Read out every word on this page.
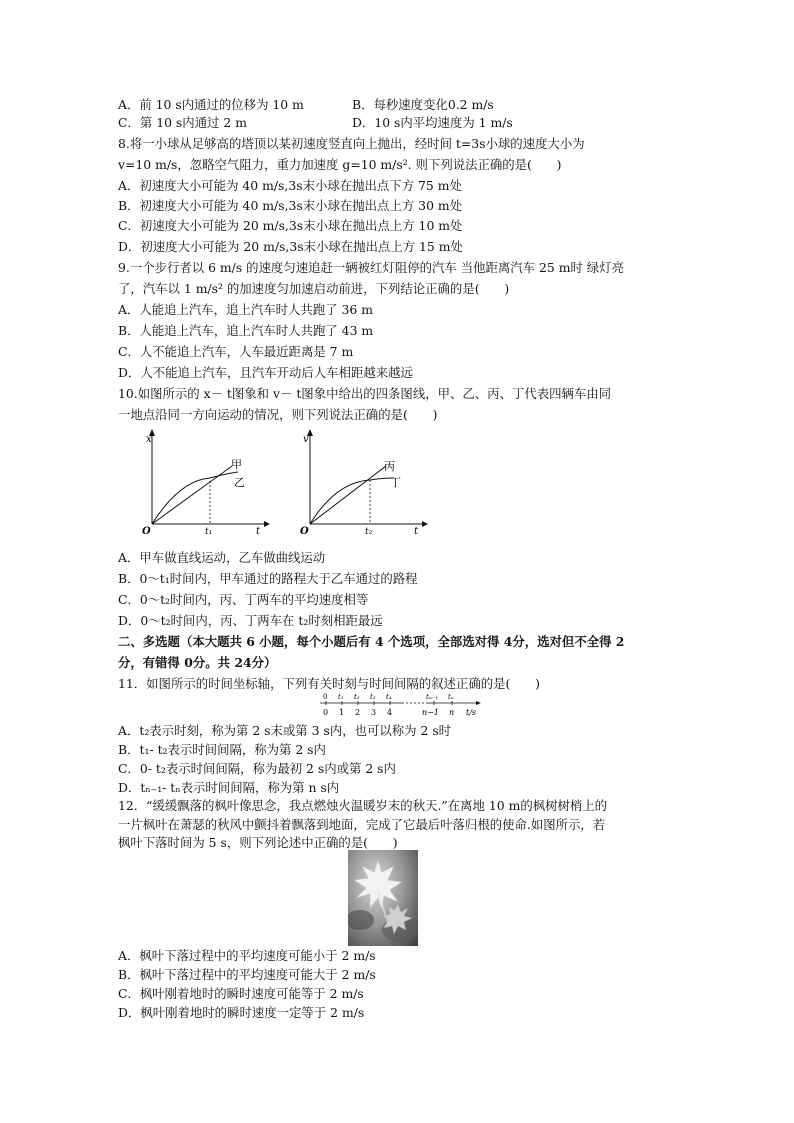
A．前 10 s内通过的位移为 10 m	B．每秒速度变化0.2 m/s
C．第 10 s内通过 2 m	D．10 s内平均速度为 1 m/s
8.将一小球从足够高的塔顶以某初速度竖直向上抛出，经时间 t=3s小球的速度大小为
v=10 m/s，忽略空气阻力，重力加速度 g=10 m/s². 则下列说法正确的是(　　)
A．初速度大小可能为 40 m/s,3s末小球在抛出点下方 75 m处
B．初速度大小可能为 40 m/s,3s末小球在抛出点上方 30 m处
C．初速度大小可能为 20 m/s,3s末小球在抛出点上方 10 m处
D．初速度大小可能为 20 m/s,3s末小球在抛出点上方 15 m处
9.一个步行者以 6 m/s 的速度匀速追赶一辆被红灯阻停的汽车 当他距离汽车 25 m时 绿灯亮
了，汽车以 1 m/s² 的加速度匀加速启动前进，下列结论正确的是(　　)
A．人能追上汽车，追上汽车时人共跑了 36 m
B．人能追上汽车，追上汽车时人共跑了 43 m
C．人不能追上汽车，人车最近距离是 7 m
D．人不能追上汽车，且汽车开动后人车相距越来越远
10.如图所示的 x－ t图象和 v－ t图象中给出的四条图线，甲、乙、丙、丁代表四辆车由同
一地点沿同一方向运动的情况，则下列说法正确的是(　　)
x
t
O	t₁
甲
乙
v
t
O	t₂
丙
丁
A．甲车做直线运动，乙车做曲线运动
B．0～t₁时间内，甲车通过的路程大于乙车通过的路程
C．0～t₂时间内，丙、丁两车的平均速度相等
D．0～t₂时间内，丙、丁两车在 t₂时刻相距最远
二、多选题（本大题共 6 小题，每个小题后有 4 个选项，全部选对得 4分，选对但不全得 2
分，有错得 0分。共 24分）
11．如图所示的时间坐标轴，下列有关时刻与时间间隔的叙述正确的是(　　)
0 t₁ t₂ t₃ t₄	tₙ₋₁ tₙ
0 1 2 3 4	n−1 n t/s
A．t₂表示时刻，称为第 2 s末或第 3 s内，也可以称为 2 s时
B．t₁- t₂表示时间间隔，称为第 2 s内
C．0- t₂表示时间间隔，称为最初 2 s内或第 2 s内
D．tₙ₋₁- tₙ表示时间间隔，称为第 n s内
12．“缓缓飘落的枫叶像思念，我点燃烛火温暖岁末的秋天.”在离地 10 m的枫树树梢上的
一片枫叶在萧瑟的秋风中颤抖着飘落到地面，完成了它最后叶落归根的使命.如图所示，若
枫叶下落时间为 5 s，则下列论述中正确的是(　　)
A．枫叶下落过程中的平均速度可能小于 2 m/s
B．枫叶下落过程中的平均速度可能大于 2 m/s
C．枫叶刚着地时的瞬时速度可能等于 2 m/s
D．枫叶刚着地时的瞬时速度一定等于 2 m/s
